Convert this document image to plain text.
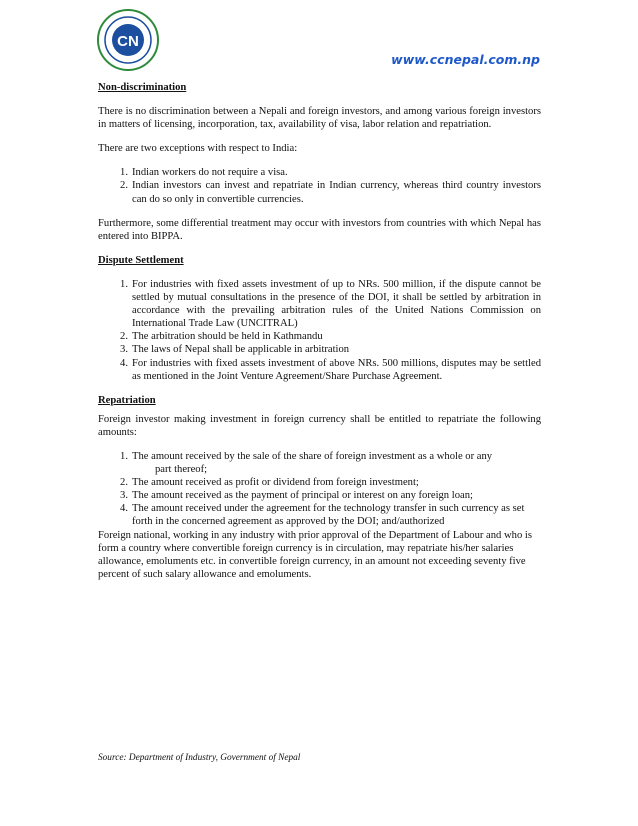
CN
www.ccnepal.com.np

Non-discrimination

There is no discrimination between a Nepali and foreign investors, and among various foreign investors in matters of licensing, incorporation, tax, availability of visa, labor relation and repatriation.

There are two exceptions with respect to India:

1. Indian workers do not require a visa.
2. Indian investors can invest and repatriate in Indian currency, whereas third country investors can do so only in convertible currencies.

Furthermore, some differential treatment may occur with investors from countries with which Nepal has entered into BIPPA.

Dispute Settlement

1. For industries with fixed assets investment of up to NRs. 500 million, if the dispute cannot be settled by mutual consultations in the presence of the DOI, it shall be settled by arbitration in accordance with the prevailing arbitration rules of the United Nations Commission on International Trade Law (UNCITRAL)
2. The arbitration should be held in Kathmandu
3. The laws of Nepal shall be applicable in arbitration
4. For industries with fixed assets investment of above NRs. 500 millions, disputes may be settled as mentioned in the Joint Venture Agreement/Share Purchase Agreement.

Repatriation

Foreign investor making investment in foreign currency shall be entitled to repatriate the following amounts:

1. The amount received by the sale of the share of foreign investment as a whole or any
part thereof;
2. The amount received as profit or dividend from foreign investment;
3. The amount received as the payment of principal or interest on any foreign loan;
4. The amount received under the agreement for the technology transfer in such currency as set forth in the concerned agreement as approved by the DOI; and/authorized

Foreign national, working in any industry with prior approval of the Department of Labour and who is form a country where convertible foreign currency is in circulation, may repatriate his/her salaries allowance, emoluments etc. in convertible foreign currency, in an amount not exceeding seventy five percent of such salary allowance and emoluments.

Source: Department of Industry, Government of Nepal
